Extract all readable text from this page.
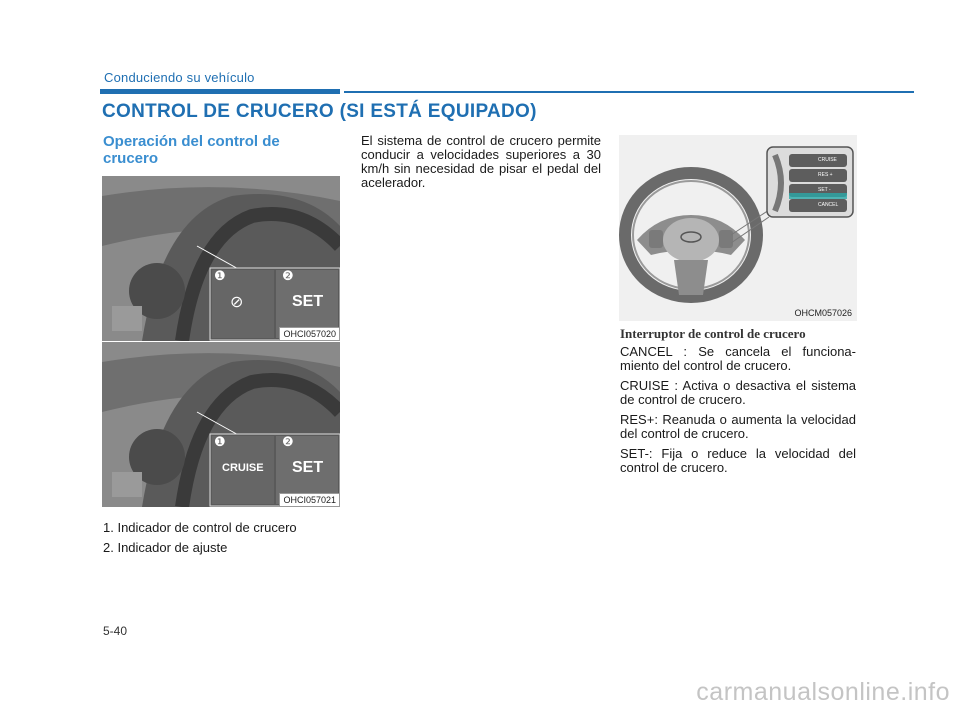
Conduciendo su vehículo
CONTROL DE CRUCERO (SI ESTÁ EQUIPADO)
Operación del control de crucero
❶	❷
⊘	SET
OHCI057020
❶	❷
CRUISE SET
OHCI057021
1. Indicador de control de crucero
2. Indicador de ajuste
El sistema de control de crucero permite conducir a velocidades superiores a 30 km/h sin necesidad de pisar el pedal del acelerador.
CRUISE
RES +
SET -
CANCEL
OHCM057026
Interruptor de control de crucero
CANCEL : Se cancela el funciona-miento del control de crucero.
CRUISE : Activa o desactiva el sistema de control de crucero.
RES+: Reanuda o aumenta la velocidad del control de crucero.
SET-: Fija o reduce la velocidad del control de crucero.
5-40
carmanualsonline.info
